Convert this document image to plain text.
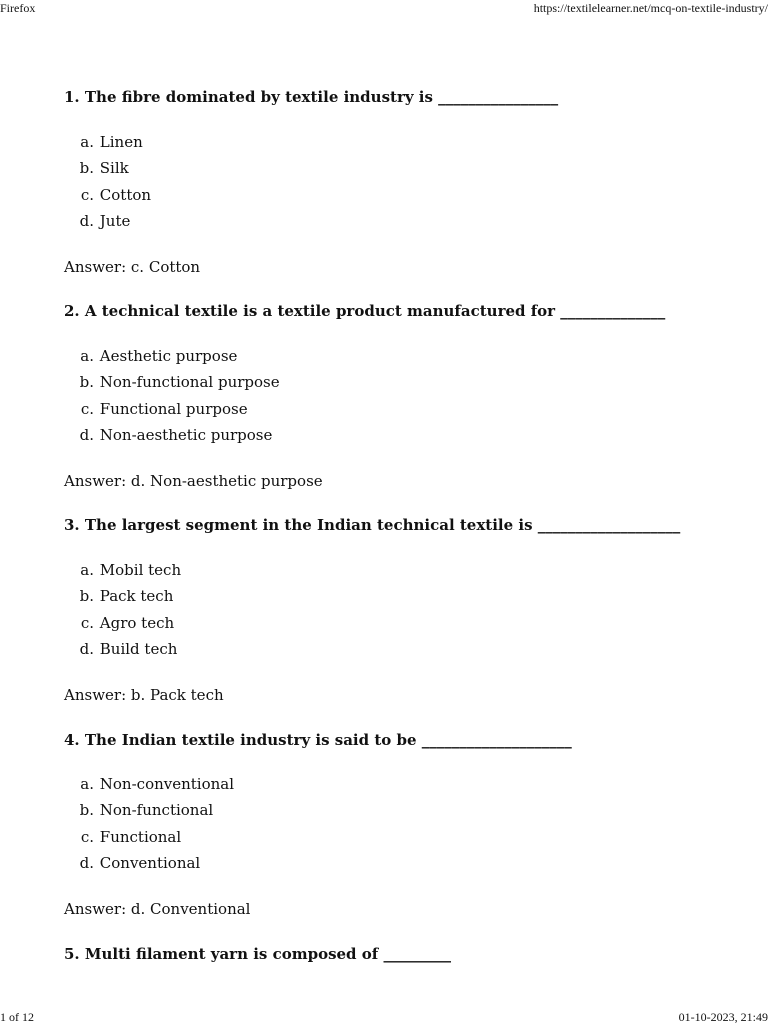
Firefox	https://textilelearner.net/mcq-on-textile-industry/
1. The fibre dominated by textile industry is ________________
a. Linen
b. Silk
c. Cotton
d. Jute
Answer: c. Cotton
2. A technical textile is a textile product manufactured for ______________
a. Aesthetic purpose
b. Non-functional purpose
c. Functional purpose
d. Non-aesthetic purpose
Answer: d. Non-aesthetic purpose
3. The largest segment in the Indian technical textile is ___________________
a. Mobil tech
b. Pack tech
c. Agro tech
d. Build tech
Answer: b. Pack tech
4. The Indian textile industry is said to be ____________________
a. Non-conventional
b. Non-functional
c. Functional
d. Conventional
Answer: d. Conventional
5. Multi filament yarn is composed of _________
1 of 12	01-10-2023, 21:49
